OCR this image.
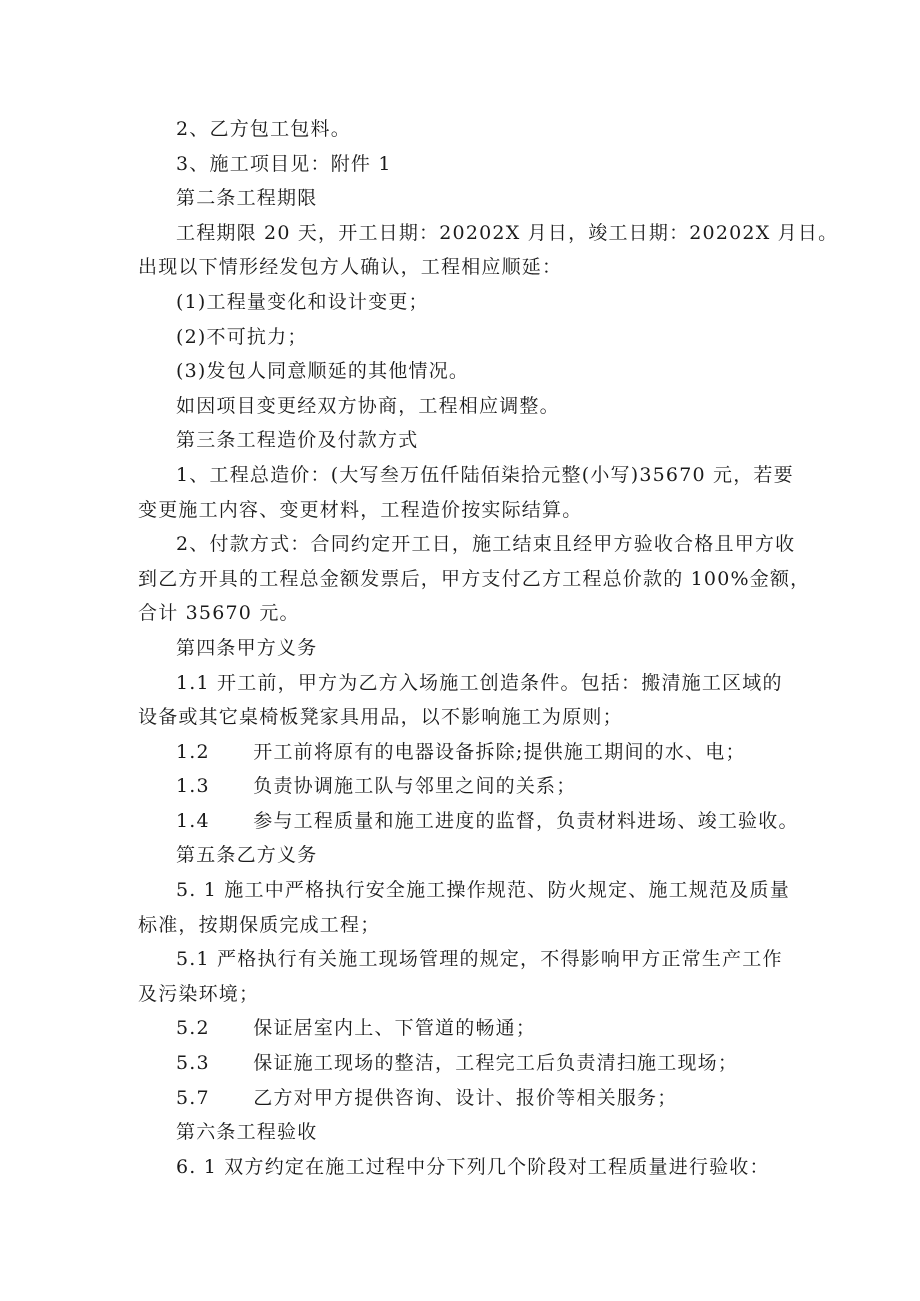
2、乙方包工包料。
3、施工项目见：附件 1
第二条工程期限
工程期限 20 天，开工日期：20202X 月日，竣工日期：20202X 月日。
出现以下情形经发包方人确认，工程相应顺延：
(1)工程量变化和设计变更；
(2)不可抗力；
(3)发包人同意顺延的其他情况。
如因项目变更经双方协商，工程相应调整。
第三条工程造价及付款方式
1、工程总造价：(大写叁万伍仟陆佰柒拾元整(小写)35670 元，若要
变更施工内容、变更材料，工程造价按实际结算。
2、付款方式：合同约定开工日，施工结束且经甲方验收合格且甲方收
到乙方开具的工程总金额发票后，甲方支付乙方工程总价款的 100%金额，
合计 35670 元。
第四条甲方义务
1.1 开工前，甲方为乙方入场施工创造条件。包括：搬清施工区域的
设备或其它桌椅板凳家具用品，以不影响施工为原则；
1.2      开工前将原有的电器设备拆除;提供施工期间的水、电；
1.3      负责协调施工队与邻里之间的关系；
1.4      参与工程质量和施工进度的监督，负责材料进场、竣工验收。
第五条乙方义务
5. 1 施工中严格执行安全施工操作规范、防火规定、施工规范及质量
标准，按期保质完成工程；
5.1 严格执行有关施工现场管理的规定，不得影响甲方正常生产工作
及污染环境；
5.2      保证居室内上、下管道的畅通；
5.3      保证施工现场的整洁，工程完工后负责清扫施工现场；
5.7      乙方对甲方提供咨询、设计、报价等相关服务；
第六条工程验收
6. 1 双方约定在施工过程中分下列几个阶段对工程质量进行验收：
